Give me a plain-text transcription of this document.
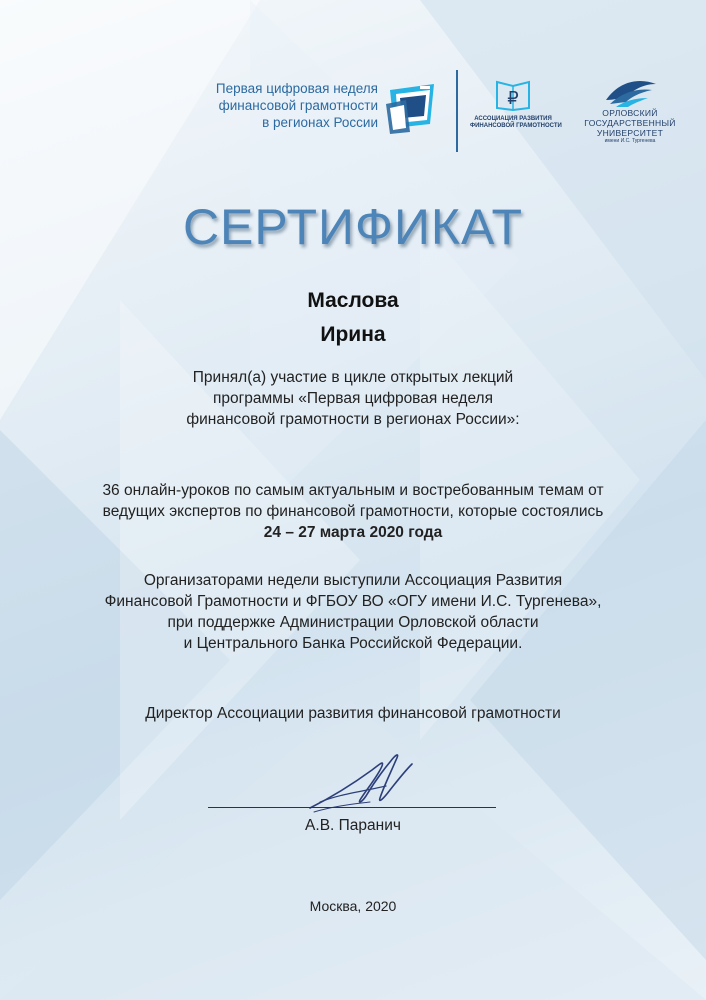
Первая цифровая неделя
финансовой грамотности
в регионах России
₽
АССОЦИАЦИЯ РАЗВИТИЯ
ФИНАНСОВОЙ ГРАМОТНОСТИ
ОРЛОВСКИЙ
ГОСУДАРСТВЕННЫЙ
УНИВЕРСИТЕТ
имени И.С. Тургенева
СЕРТИФИКАТ
Маслова
Ирина
Принял(а) участие в цикле открытых лекций
программы «Первая цифровая неделя
финансовой грамотности в регионах России»:
36 онлайн-уроков по самым актуальным и востребованным темам от
ведущих экспертов по финансовой грамотности, которые состоялись
24 – 27 марта 2020 года
Организаторами недели выступили Ассоциация Развития
Финансовой Грамотности и ФГБОУ ВО «ОГУ имени И.С. Тургенева»,
при поддержке Администрации Орловской области
и Центрального Банка Российской Федерации.
Директор Ассоциации развития финансовой грамотности
А.В. Паранич
Москва, 2020
